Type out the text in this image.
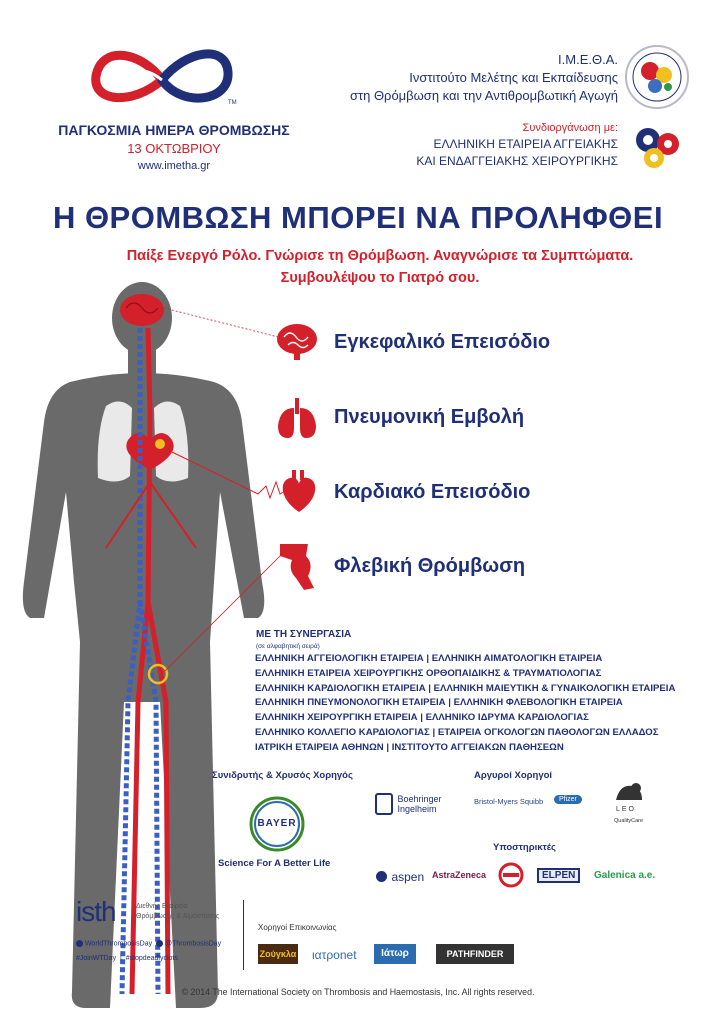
TM
ΠΑΓΚΟΣΜΙΑ ΗΜΕΡΑ ΘΡΟΜΒΩΣΗΣ
13 ΟΚΤΩΒΡΙΟΥ
www.imetha.gr
Ι.Μ.Ε.Θ.Α.
Ινστιτούτο Μελέτης και Εκπαίδευσης
στη Θρόμβωση και την Αντιθρομβωτική Αγωγή
Συνδιοργάνωση με:
ΕΛΛΗΝΙΚΗ ΕΤΑΙΡΕΙΑ ΑΓΓΕΙΑΚΗΣ
ΚΑΙ ΕΝΔΑΓΓΕΙΑΚΗΣ ΧΕΙΡΟΥΡΓΙΚΗΣ
Η ΘΡΟΜΒΩΣΗ ΜΠΟΡΕΙ ΝΑ ΠΡΟΛΗΦΘΕΙ
Παίξε Ενεργό Ρόλο. Γνώρισε τη Θρόμβωση. Αναγνώρισε τα Συμπτώματα.
Συμβουλέψου το Γιατρό σου.
Εγκεφαλικό Επεισόδιο
Πνευμονική Εμβολή
Καρδιακό Επεισόδιο
Φλεβική Θρόμβωση
ΜΕ ΤΗ ΣΥΝΕΡΓΑΣΙΑ
(σε αλφαβητική σειρά)
ΕΛΛΗΝΙΚΗ ΑΓΓΕΙΟΛΟΓΙΚΗ ΕΤΑΙΡΕΙΑ | ΕΛΛΗΝΙΚΗ ΑΙΜΑΤΟΛΟΓΙΚΗ ΕΤΑΙΡΕΙΑ
ΕΛΛΗΝΙΚΗ ΕΤΑΙΡΕΙΑ ΧΕΙΡΟΥΡΓΙΚΗΣ ΟΡΘΟΠΑΙΔΙΚΗΣ & ΤΡΑΥΜΑΤΙΟΛΟΓΙΑΣ
ΕΛΛΗΝΙΚΗ ΚΑΡΔΙΟΛΟΓΙΚΗ ΕΤΑΙΡΕΙΑ | ΕΛΛΗΝΙΚΗ ΜΑΙΕΥΤΙΚΗ & ΓΥΝΑΙΚΟΛΟΓΙΚΗ ΕΤΑΙΡΕΙΑ
ΕΛΛΗΝΙΚΗ ΠΝΕΥΜΟΝΟΛΟΓΙΚΗ ΕΤΑΙΡΕΙΑ | ΕΛΛΗΝΙΚΗ ΦΛΕΒΟΛΟΓΙΚΗ ΕΤΑΙΡΕΙΑ
ΕΛΛΗΝΙΚΗ ΧΕΙΡΟΥΡΓΙΚΗ ΕΤΑΙΡΕΙΑ | ΕΛΛΗΝΙΚΟ ΙΔΡΥΜΑ ΚΑΡΔΙΟΛΟΓΙΑΣ
ΕΛΛΗΝΙΚΟ ΚΟΛΛΕΓΙΟ ΚΑΡΔΙΟΛΟΓΙΑΣ | ΕΤΑΙΡΕΙΑ ΟΓΚΟΛΟΓΩΝ ΠΑΘΟΛΟΓΩΝ ΕΛΛΑΔΟΣ
ΙΑΤΡΙΚΗ ΕΤΑΙΡΕΙΑ ΑΘΗΝΩΝ | ΙΝΣΤΙΤΟΥΤΟ ΑΓΓΕΙΑΚΩΝ ΠΑΘΗΣΕΩΝ
Συνιδρυτής & Χρυσός Χορηγός
BAYER
Science For A Better Life
Αργυροί Χορηγοί

Boehringer
Ingelheim
Bristol-Myers Squibb	Pfizer
LEO
QualityCare
Υποστηρικτές
aspen AstraZeneca	ELPEN	Galenica a.e.
isth	Διεθνής Εταιρεία
Θρόμβωσης & Αιμόστασης
WorldThrombosisDay @ThrombosisDay
#JoinWTDay  |  #stopdeadlyclots
Χορηγοί Επικοινωνίας
Ζούγκλα ιατρonet	Ιάτωρ	PATHFINDER
© 2014 The International Society on Thrombosis and Haemostasis, Inc. All rights reserved.
